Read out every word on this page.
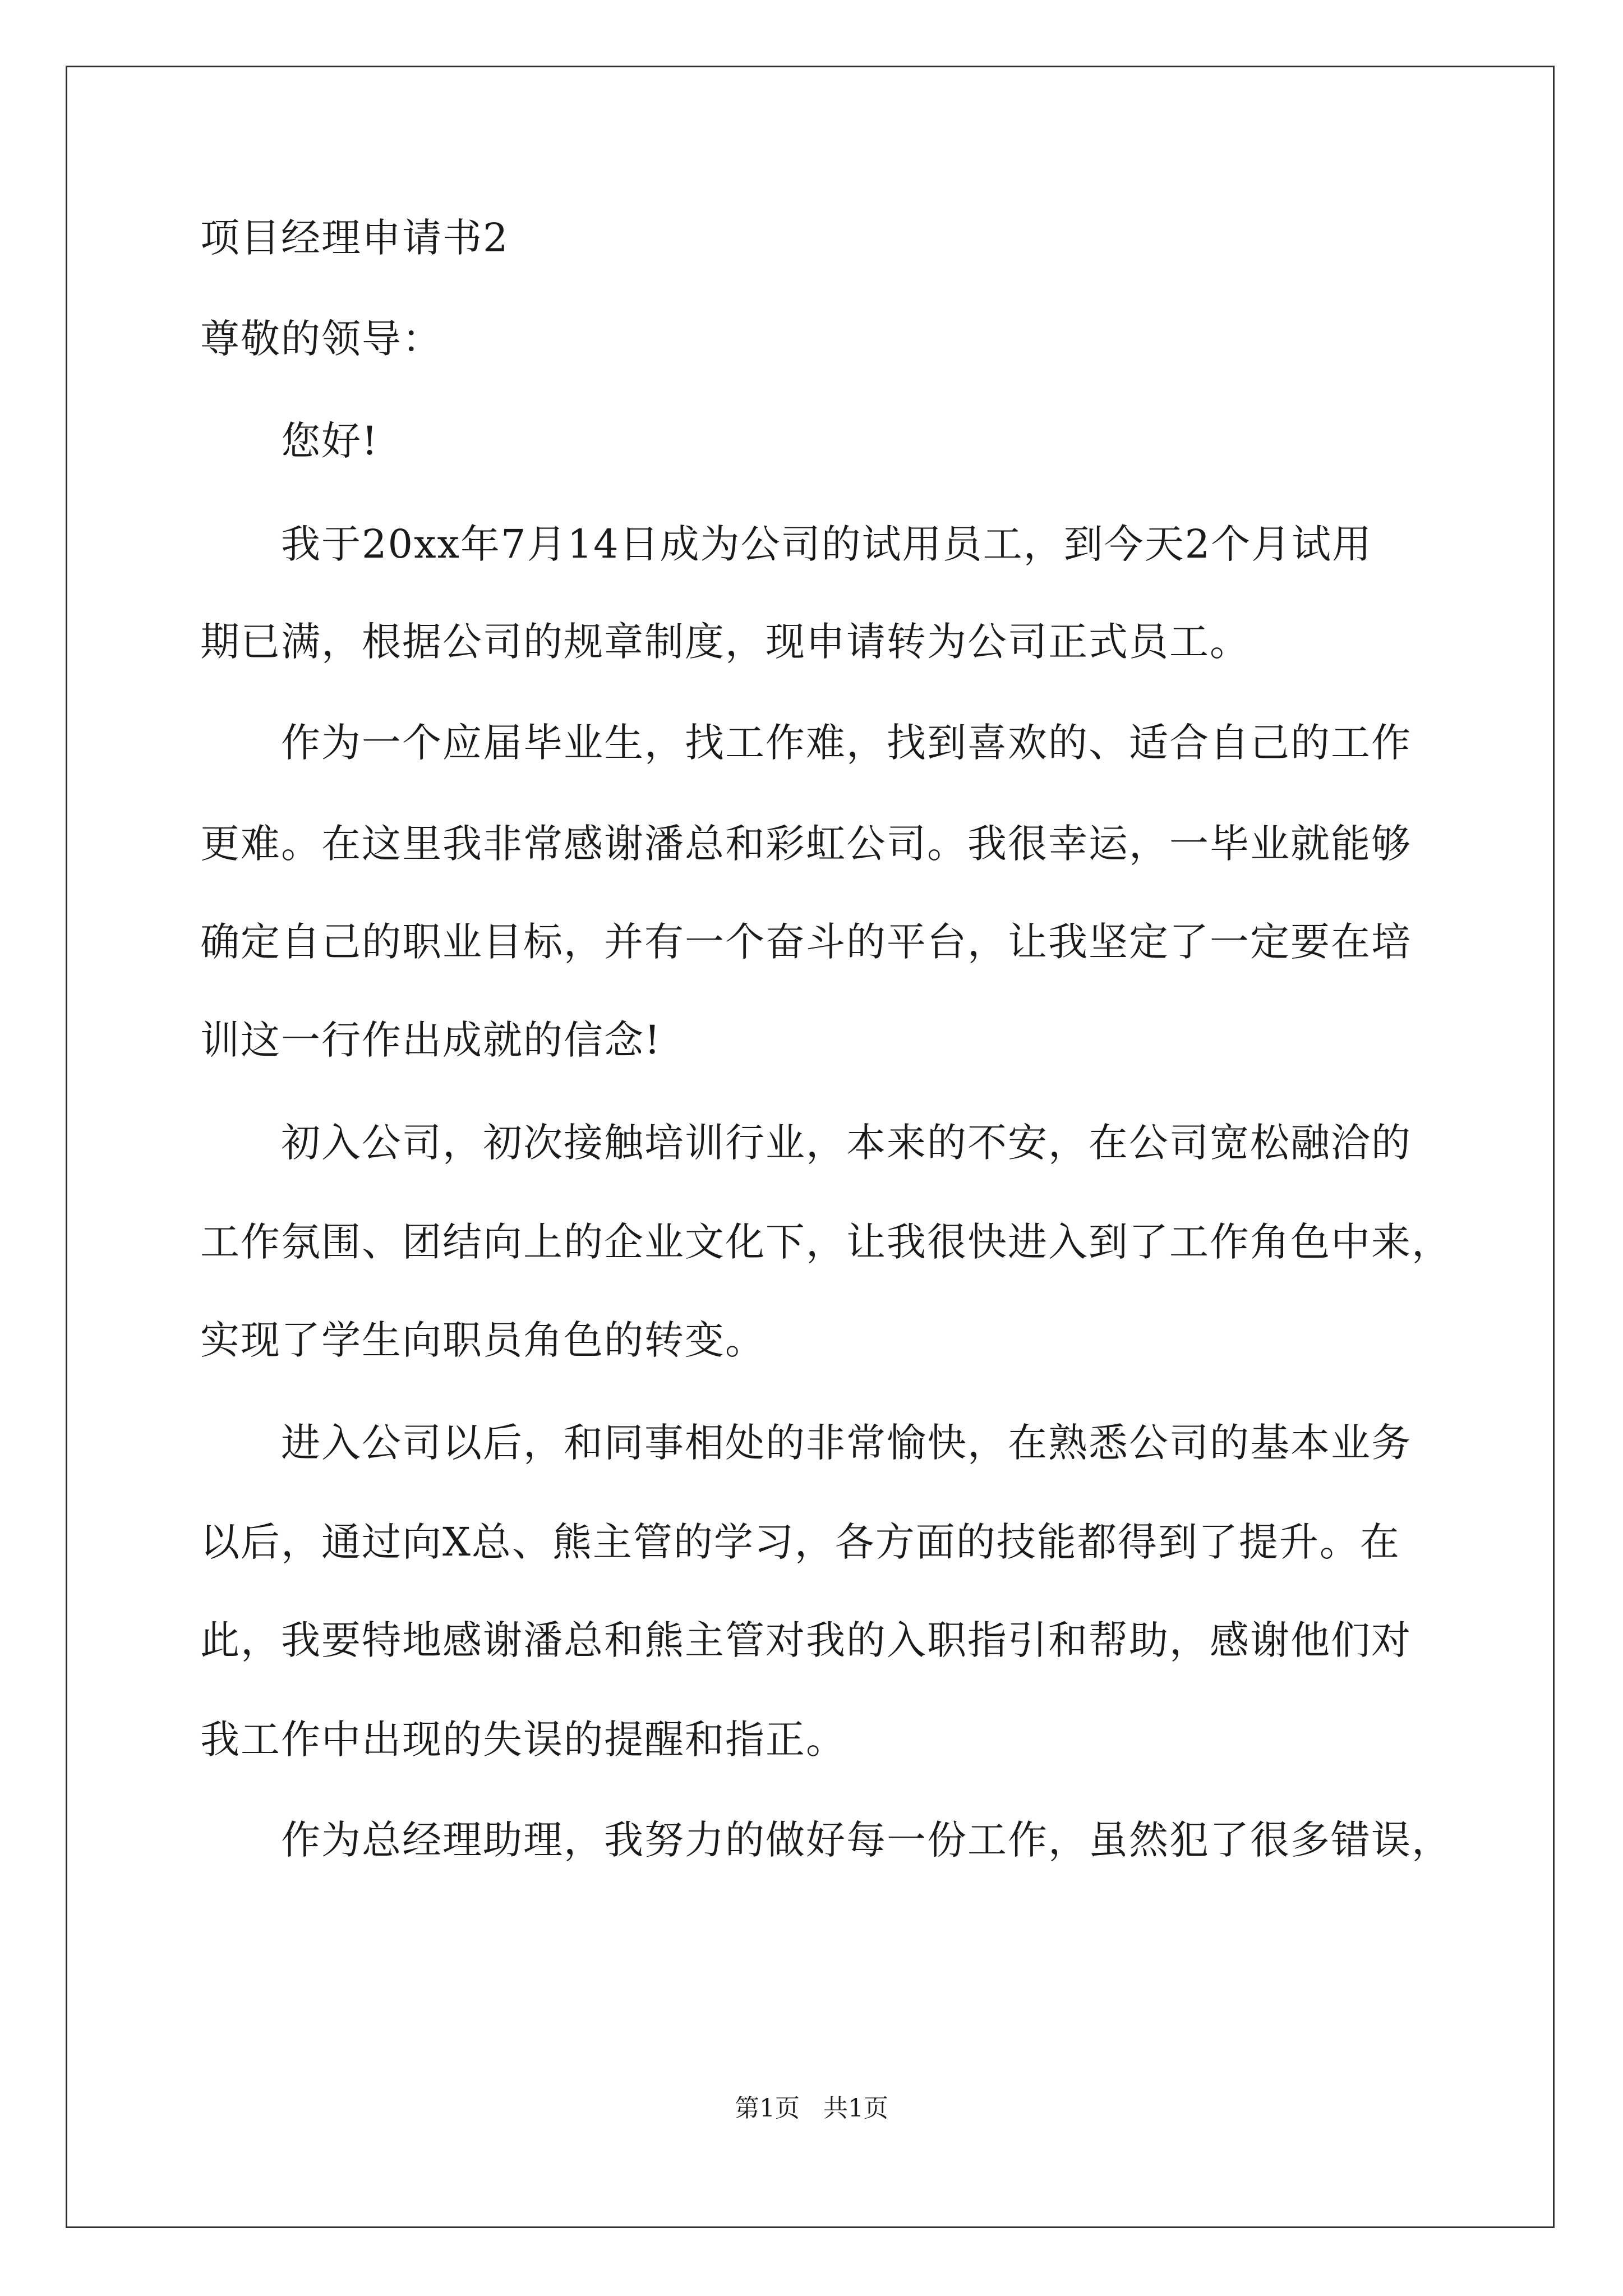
项目经理申请书2
尊敬的领导：
您好!
我于20xx年7月14日成为公司的试用员工，到今天2个月试用
期已满，根据公司的规章制度，现申请转为公司正式员工。
作为一个应届毕业生，找工作难，找到喜欢的、适合自己的工作
更难。在这里我非常感谢潘总和彩虹公司。我很幸运，一毕业就能够
确定自己的职业目标，并有一个奋斗的平台，让我坚定了一定要在培
训这一行作出成就的信念!
初入公司，初次接触培训行业，本来的不安，在公司宽松融洽的
工作氛围、团结向上的企业文化下，让我很快进入到了工作角色中来，
实现了学生向职员角色的转变。
进入公司以后，和同事相处的非常愉快，在熟悉公司的基本业务
以后，通过向X总、熊主管的学习，各方面的技能都得到了提升。在
此，我要特地感谢潘总和熊主管对我的入职指引和帮助，感谢他们对
我工作中出现的失误的提醒和指正。
作为总经理助理，我努力的做好每一份工作，虽然犯了很多错误，
第1页 共1页
